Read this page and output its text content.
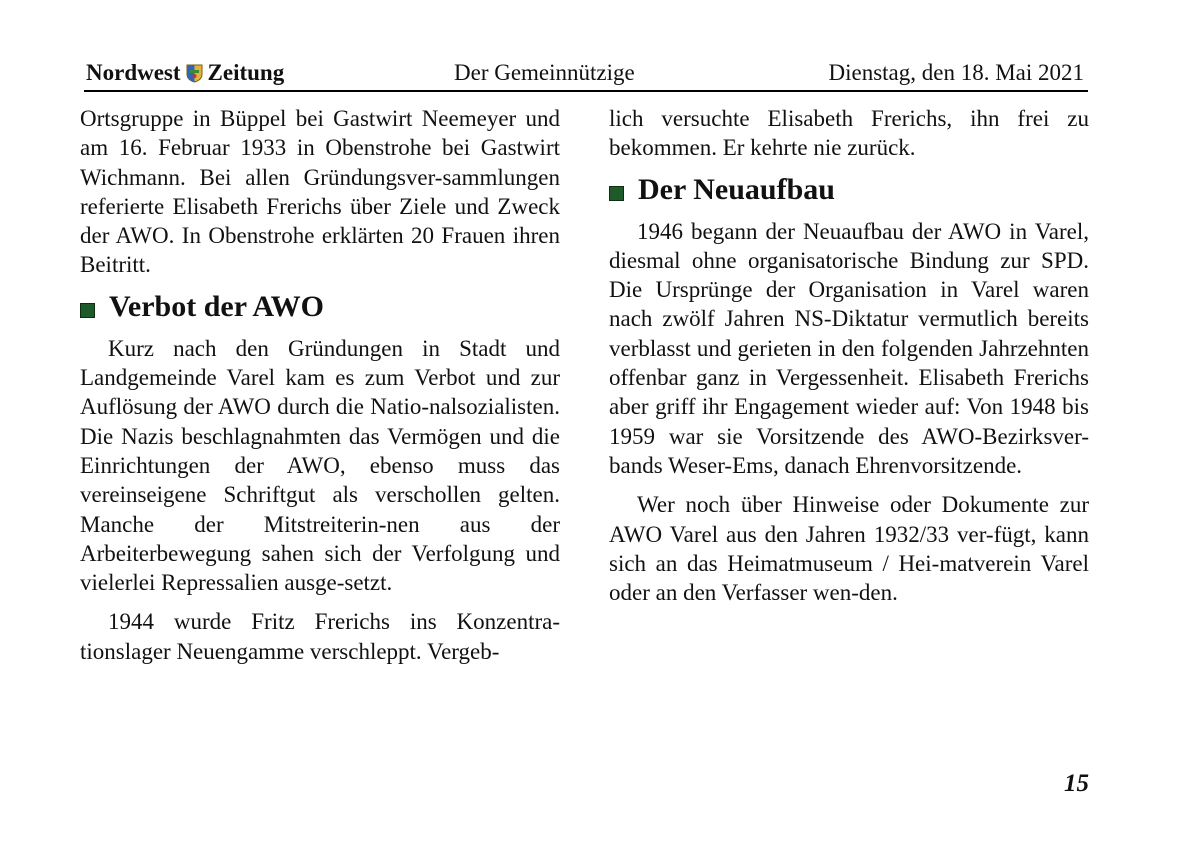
Nordwest Zeitung	Der Gemeinnützige	Dienstag, den 18. Mai 2021

Ortsgruppe in Büppel bei Gastwirt Neemeyer und am 16. Februar 1933 in Obenstrohe bei Gastwirt Wichmann. Bei allen Gründungsver-sammlungen referierte Elisabeth Frerichs über Ziele und Zweck der AWO. In Obenstrohe erklärten 20 Frauen ihren Beitritt.

Verbot der AWO

Kurz nach den Gründungen in Stadt und Landgemeinde Varel kam es zum Verbot und zur Auflösung der AWO durch die Natio-nalsozialisten. Die Nazis beschlagnahmten das Vermögen und die Einrichtungen der AWO, ebenso muss das vereinseigene Schriftgut als verschollen gelten. Manche der Mitstreiterin-nen aus der Arbeiterbewegung sahen sich der Verfolgung und vielerlei Repressalien ausge-setzt.

1944 wurde Fritz Frerichs ins Konzentra-tionslager Neuengamme verschleppt. Vergeb-

lich versuchte Elisabeth Frerichs, ihn frei zu bekommen. Er kehrte nie zurück.

Der Neuaufbau

1946 begann der Neuaufbau der AWO in Varel, diesmal ohne organisatorische Bindung zur SPD. Die Ursprünge der Organisation in Varel waren nach zwölf Jahren NS-Diktatur vermutlich bereits verblasst und gerieten in den folgenden Jahrzehnten offenbar ganz in Vergessenheit. Elisabeth Frerichs aber griff ihr Engagement wieder auf: Von 1948 bis 1959 war sie Vorsitzende des AWO-Bezirksver-bands Weser-Ems, danach Ehrenvorsitzende.

Wer noch über Hinweise oder Dokumente zur AWO Varel aus den Jahren 1932/33 ver-fügt, kann sich an das Heimatmuseum / Hei-matverein Varel oder an den Verfasser wen-den.

15
